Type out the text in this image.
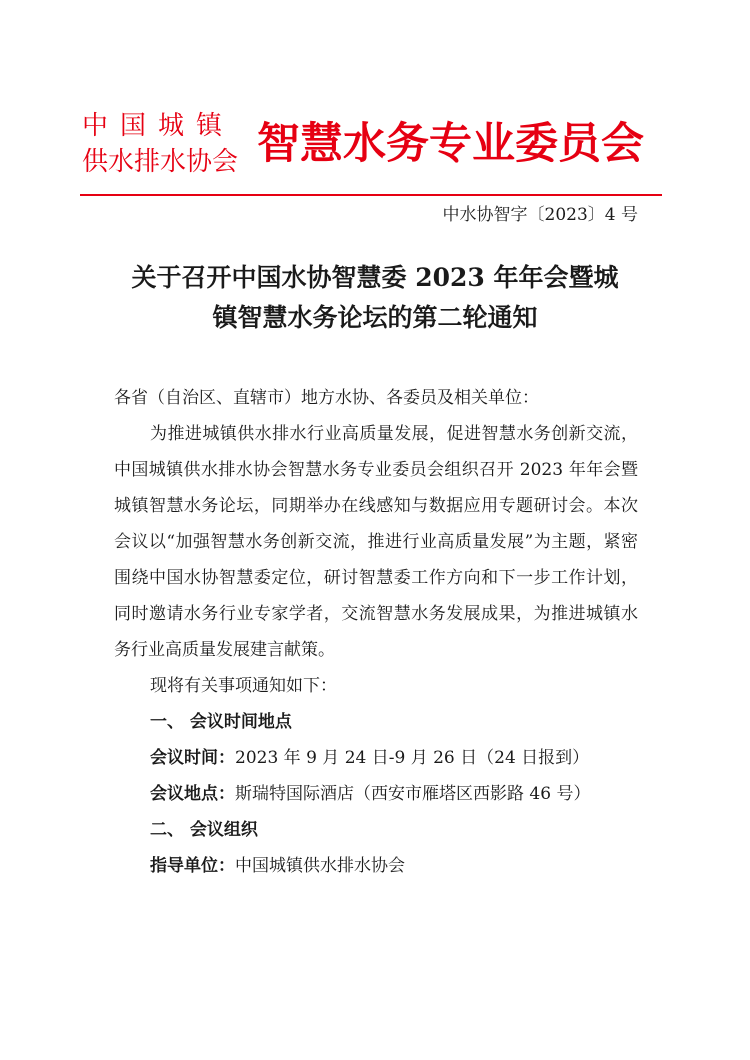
中国城镇
供水排水协会 智慧水务专业委员会
中水协智字〔2023〕4 号
关于召开中国水协智慧委 2023 年年会暨城
镇智慧水务论坛的第二轮通知

各省（自治区、直辖市）地方水协、各委员及相关单位：

为推进城镇供水排水行业高质量发展，促进智慧水务创新交流，中国城镇供水排水协会智慧水务专业委员会组织召开 2023 年年会暨城镇智慧水务论坛，同期举办在线感知与数据应用专题研讨会。本次会议以“加强智慧水务创新交流，推进行业高质量发展”为主题，紧密围绕中国水协智慧委定位，研讨智慧委工作方向和下一步工作计划，同时邀请水务行业专家学者，交流智慧水务发展成果，为推进城镇水务行业高质量发展建言献策。

现将有关事项通知如下：

一、 会议时间地点

会议时间：2023 年 9 月 24 日-9 月 26 日（24 日报到）

会议地点：斯瑞特国际酒店（西安市雁塔区西影路 46 号）

二、 会议组织

指导单位：中国城镇供水排水协会
